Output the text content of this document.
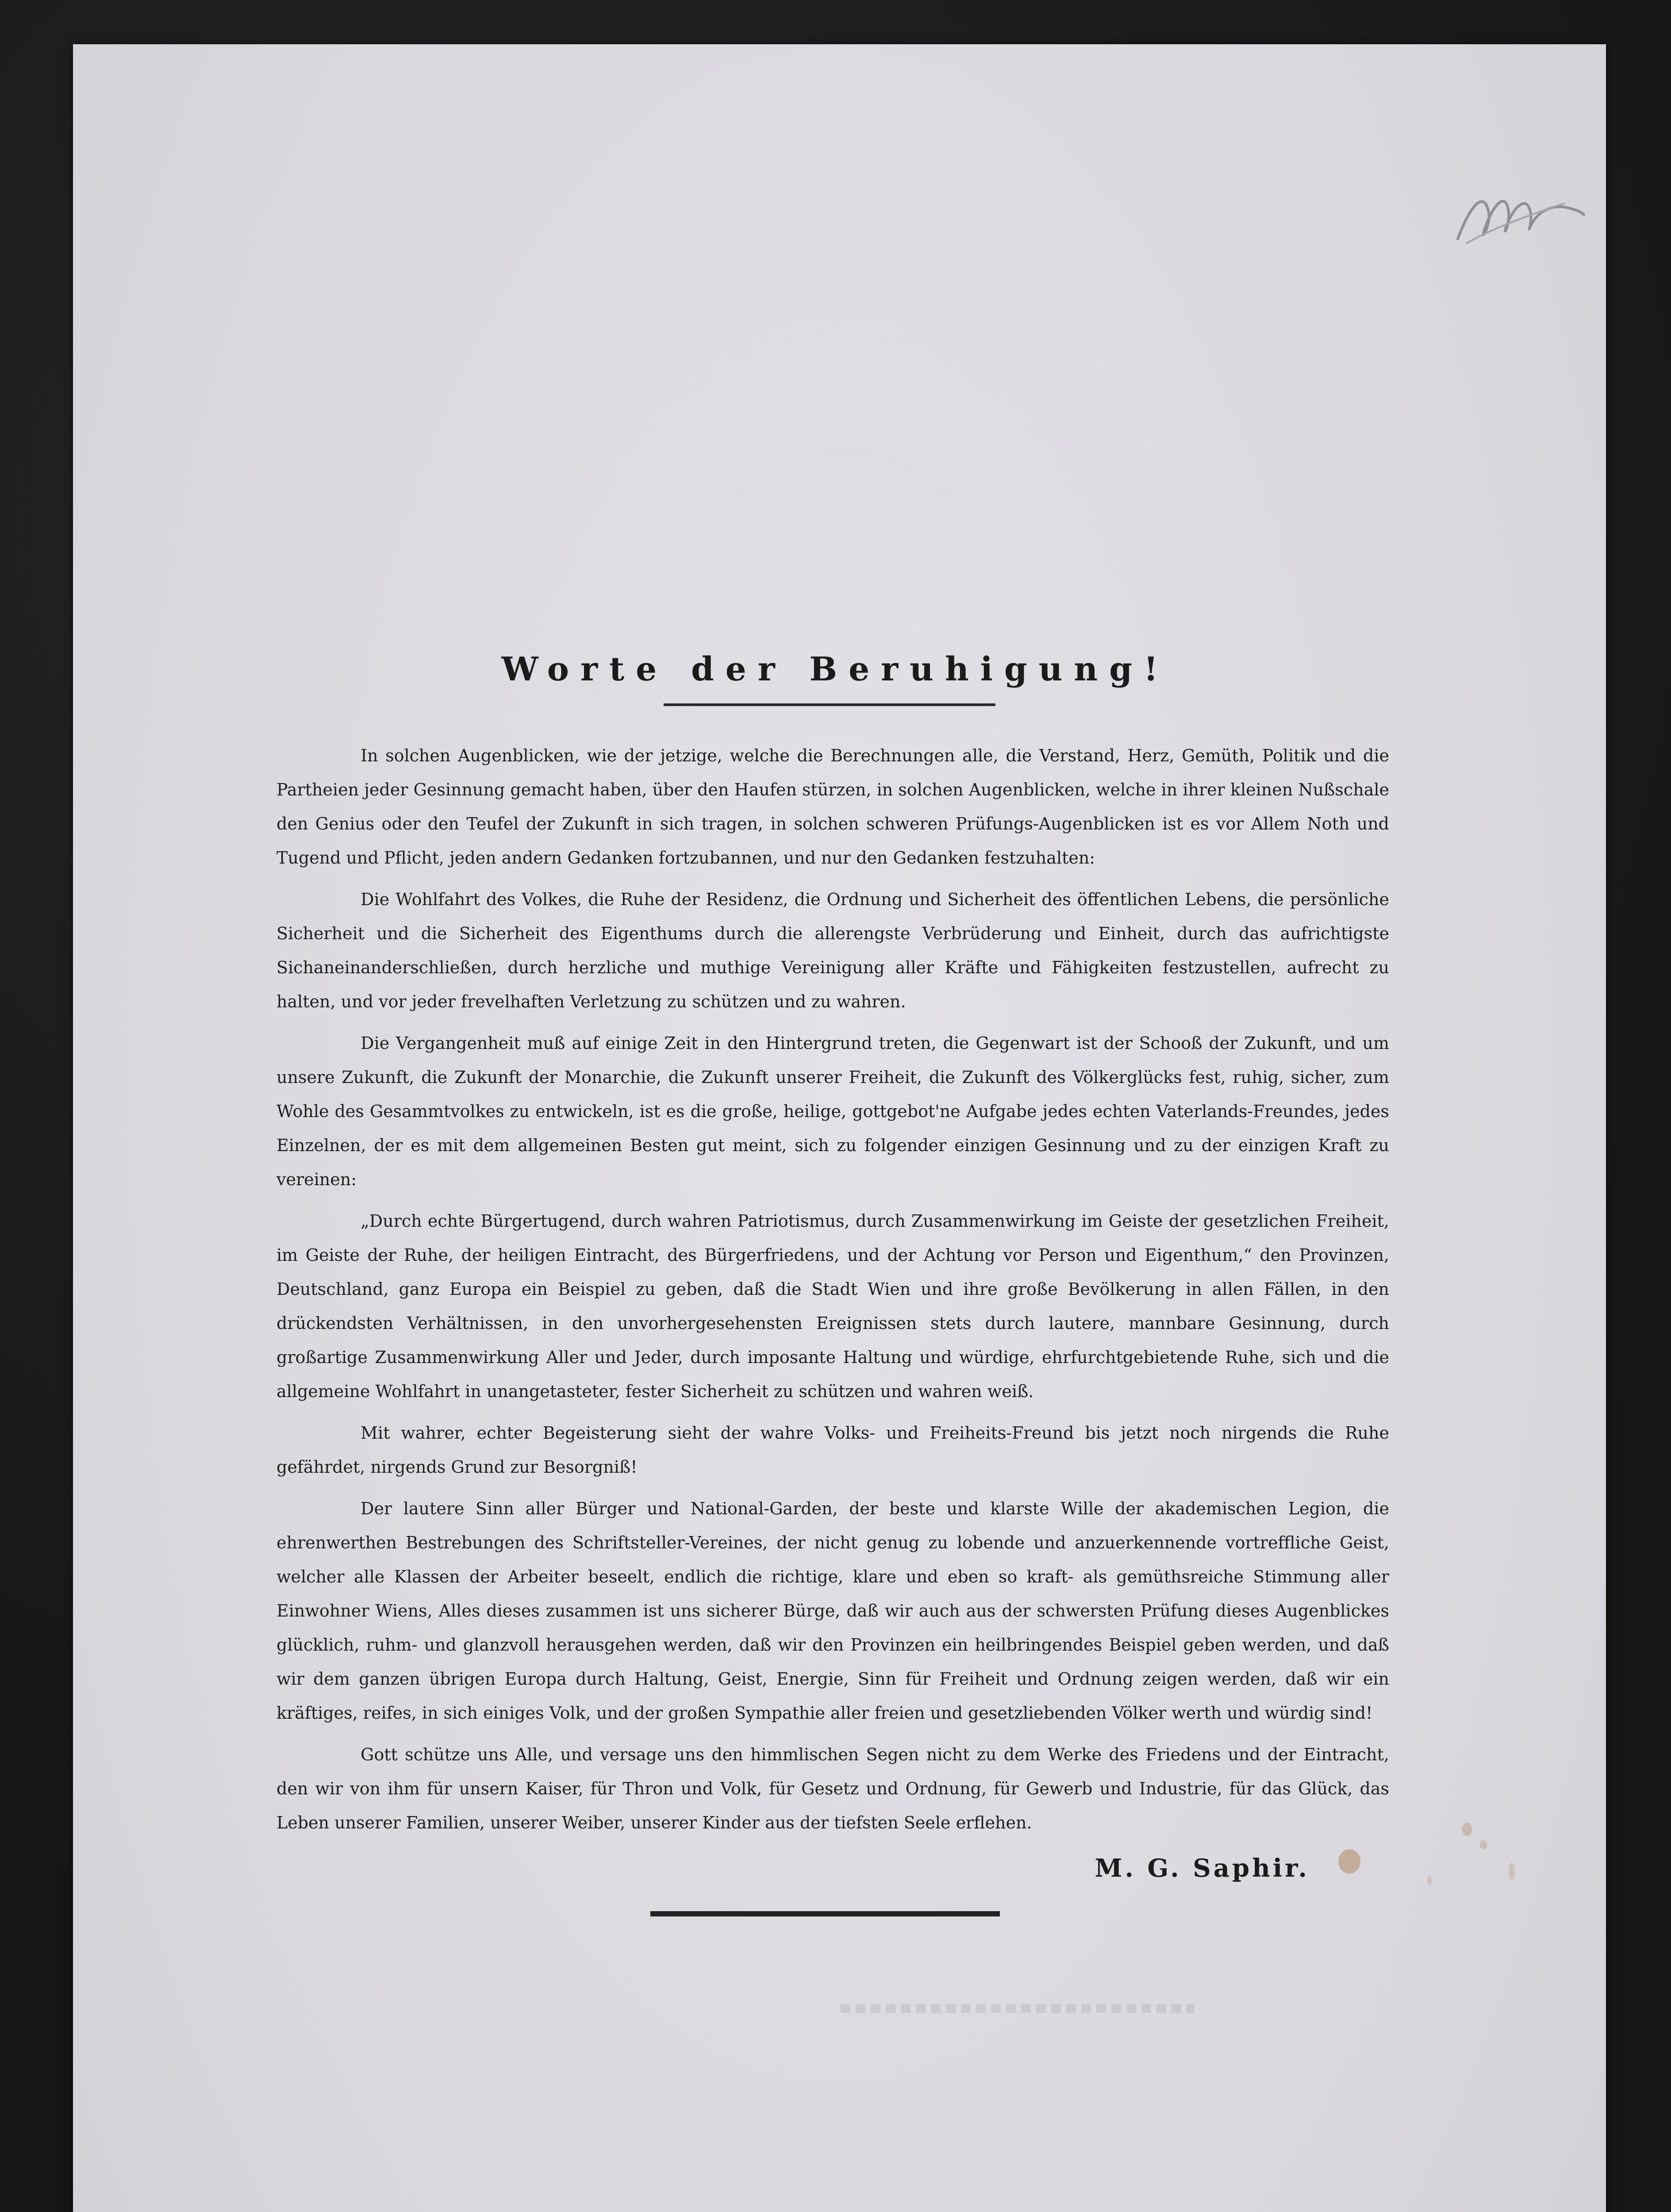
Worte der Beruhigung!

In solchen Augenblicken, wie der jetzige, welche die Berechnungen alle, die Verstand, Herz, Gemüth, Politik und die Partheien jeder Gesinnung gemacht haben, über den Haufen stürzen, in solchen Augenblicken, welche in ihrer kleinen Nußschale den Genius oder den Teufel der Zukunft in sich tragen, in solchen schweren Prüfungs-Augenblicken ist es vor Allem Noth und Tugend und Pflicht, jeden andern Gedanken fortzubannen, und nur den Gedanken festzuhalten:

Die Wohlfahrt des Volkes, die Ruhe der Residenz, die Ordnung und Sicherheit des öffentlichen Lebens, die persönliche Sicherheit und die Sicherheit des Eigenthums durch die allerengste Verbrüderung und Einheit, durch das aufrichtigste Sichaneinanderschließen, durch herzliche und muthige Vereinigung aller Kräfte und Fähigkeiten festzustellen, aufrecht zu halten, und vor jeder frevelhaften Verletzung zu schützen und zu wahren.

Die Vergangenheit muß auf einige Zeit in den Hintergrund treten, die Gegenwart ist der Schooß der Zukunft, und um unsere Zukunft, die Zukunft der Monarchie, die Zukunft unserer Freiheit, die Zukunft des Völkerglücks fest, ruhig, sicher, zum Wohle des Gesammtvolkes zu entwickeln, ist es die große, heilige, gottgebot'ne Aufgabe jedes echten Vaterlands-Freundes, jedes Einzelnen, der es mit dem allgemeinen Besten gut meint, sich zu folgender einzigen Gesinnung und zu der einzigen Kraft zu vereinen:

„Durch echte Bürgertugend, durch wahren Patriotismus, durch Zusammenwirkung im Geiste der gesetzlichen Freiheit, im Geiste der Ruhe, der heiligen Eintracht, des Bürgerfriedens, und der Achtung vor Person und Eigenthum,“ den Provinzen, Deutschland, ganz Europa ein Beispiel zu geben, daß die Stadt Wien und ihre große Bevölkerung in allen Fällen, in den drückendsten Verhältnissen, in den unvorhergesehensten Ereignissen stets durch lautere, mannbare Gesinnung, durch großartige Zusammenwirkung Aller und Jeder, durch imposante Haltung und würdige, ehrfurchtgebietende Ruhe, sich und die allgemeine Wohlfahrt in unangetasteter, fester Sicherheit zu schützen und wahren weiß.

Mit wahrer, echter Begeisterung sieht der wahre Volks- und Freiheits-Freund bis jetzt noch nirgends die Ruhe gefährdet, nirgends Grund zur Besorgniß!

Der lautere Sinn aller Bürger und National-Garden, der beste und klarste Wille der akademischen Legion, die ehrenwerthen Bestrebungen des Schriftsteller-Vereines, der nicht genug zu lobende und anzuerkennende vortreffliche Geist, welcher alle Klassen der Arbeiter beseelt, endlich die richtige, klare und eben so kraft- als gemüthsreiche Stimmung aller Einwohner Wiens, Alles dieses zusammen ist uns sicherer Bürge, daß wir auch aus der schwersten Prüfung dieses Augenblickes glücklich, ruhm- und glanzvoll herausgehen werden, daß wir den Provinzen ein heilbringendes Beispiel geben werden, und daß wir dem ganzen übrigen Europa durch Haltung, Geist, Energie, Sinn für Freiheit und Ordnung zeigen werden, daß wir ein kräftiges, reifes, in sich einiges Volk, und der großen Sympathie aller freien und gesetzliebenden Völker werth und würdig sind!

Gott schütze uns Alle, und versage uns den himmlischen Segen nicht zu dem Werke des Friedens und der Eintracht, den wir von ihm für unsern Kaiser, für Thron und Volk, für Gesetz und Ordnung, für Gewerb und Industrie, für das Glück, das Leben unserer Familien, unserer Weiber, unserer Kinder aus der tiefsten Seele erflehen.

M. G. Saphir.
